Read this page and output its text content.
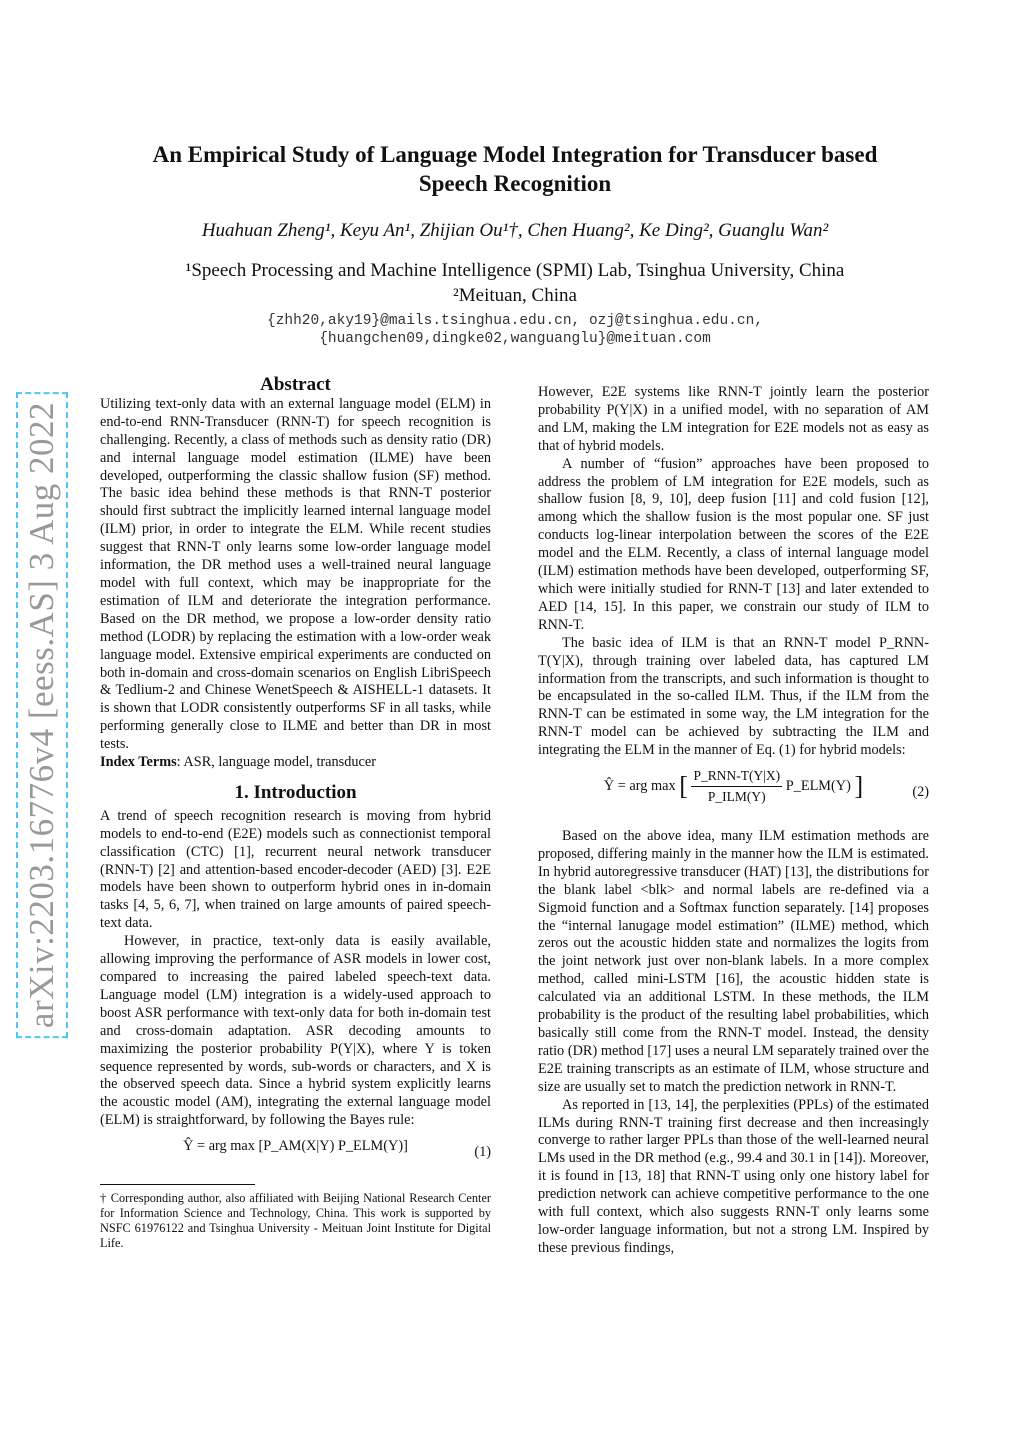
arXiv:2203.16776v4 [eess.AS] 3 Aug 2022
An Empirical Study of Language Model Integration for Transducer based
Speech Recognition
Huahuan Zheng¹, Keyu An¹, Zhijian Ou¹†, Chen Huang², Ke Ding², Guanglu Wan²
¹Speech Processing and Machine Intelligence (SPMI) Lab, Tsinghua University, China
²Meituan, China
{zhh20,aky19}@mails.tsinghua.edu.cn, ozj@tsinghua.edu.cn,
{huangchen09,dingke02,wanguanglu}@meituan.com
Abstract

Utilizing text-only data with an external language model (ELM) in end-to-end RNN-Transducer (RNN-T) for speech recognition is challenging. Recently, a class of methods such as density ratio (DR) and internal language model estimation (ILME) have been developed, outperforming the classic shallow fusion (SF) method. The basic idea behind these methods is that RNN-T posterior should first subtract the implicitly learned internal language model (ILM) prior, in order to integrate the ELM. While recent studies suggest that RNN-T only learns some low-order language model information, the DR method uses a well-trained neural language model with full context, which may be inappropriate for the estimation of ILM and deteriorate the integration performance. Based on the DR method, we propose a low-order density ratio method (LODR) by replacing the estimation with a low-order weak language model. Extensive empirical experiments are conducted on both in-domain and cross-domain scenarios on English LibriSpeech & Tedlium-2 and Chinese WenetSpeech & AISHELL-1 datasets. It is shown that LODR consistently outperforms SF in all tasks, while performing generally close to ILME and better than DR in most tests.

Index Terms: ASR, language model, transducer

1. Introduction

A trend of speech recognition research is moving from hybrid models to end-to-end (E2E) models such as connectionist temporal classification (CTC) [1], recurrent neural network transducer (RNN-T) [2] and attention-based encoder-decoder (AED) [3]. E2E models have been shown to outperform hybrid ones in in-domain tasks [4, 5, 6, 7], when trained on large amounts of paired speech-text data.

However, in practice, text-only data is easily available, allowing improving the performance of ASR models in lower cost, compared to increasing the paired labeled speech-text data. Language model (LM) integration is a widely-used approach to boost ASR performance with text-only data for both in-domain test and cross-domain adaptation. ASR decoding amounts to maximizing the posterior probability P(Y|X), where Y is token sequence represented by words, sub-words or characters, and X is the observed speech data. Since a hybrid system explicitly learns the acoustic model (AM), integrating the external language model (ELM) is straightforward, by following the Bayes rule:

Ŷ = arg max [P_AM(X|Y) P_ELM(Y)]	(1)
† Corresponding author, also affiliated with Beijing National Research Center for Information Science and Technology, China. This work is supported by NSFC 61976122 and Tsinghua University - Meituan Joint Institute for Digital Life.

However, E2E systems like RNN-T jointly learn the posterior probability P(Y|X) in a unified model, with no separation of AM and LM, making the LM integration for E2E models not as easy as that of hybrid models.

A number of “fusion” approaches have been proposed to address the problem of LM integration for E2E models, such as shallow fusion [8, 9, 10], deep fusion [11] and cold fusion [12], among which the shallow fusion is the most popular one. SF just conducts log-linear interpolation between the scores of the E2E model and the ELM. Recently, a class of internal language model (ILM) estimation methods have been developed, outperforming SF, which were initially studied for RNN-T [13] and later extended to AED [14, 15]. In this paper, we constrain our study of ILM to RNN-T.

The basic idea of ILM is that an RNN-T model P_RNN-T(Y|X), through training over labeled data, has captured LM information from the transcripts, and such information is thought to be encapsulated in the so-called ILM. Thus, if the ILM from the RNN-T can be estimated in some way, the LM integration for the RNN-T model can be achieved by subtracting the ILM and integrating the ELM in the manner of Eq. (1) for hybrid models:

Ŷ = arg max [ $\frac{\text{P\_RNN-T(Y|X)}}{\text{P\_ILM(Y)}}$ P_ELM(Y) ]	(2)

Based on the above idea, many ILM estimation methods are proposed, differing mainly in the manner how the ILM is estimated. In hybrid autoregressive transducer (HAT) [13], the distributions for the blank label <blk> and normal labels are re-defined via a Sigmoid function and a Softmax function separately. [14] proposes the “internal lanugage model estimation” (ILME) method, which zeros out the acoustic hidden state and normalizes the logits from the joint network just over non-blank labels. In a more complex method, called mini-LSTM [16], the acoustic hidden state is calculated via an additional LSTM. In these methods, the ILM probability is the product of the resulting label probabilities, which basically still come from the RNN-T model. Instead, the density ratio (DR) method [17] uses a neural LM separately trained over the E2E training transcripts as an estimate of ILM, whose structure and size are usually set to match the prediction network in RNN-T.

As reported in [13, 14], the perplexities (PPLs) of the estimated ILMs during RNN-T training first decrease and then increasingly converge to rather larger PPLs than those of the well-learned neural LMs used in the DR method (e.g., 99.4 and 30.1 in [14]). Moreover, it is found in [13, 18] that RNN-T using only one history label for prediction network can achieve competitive performance to the one with full context, which also suggests RNN-T only learns some low-order language information, but not a strong LM. Inspired by these previous findings,
